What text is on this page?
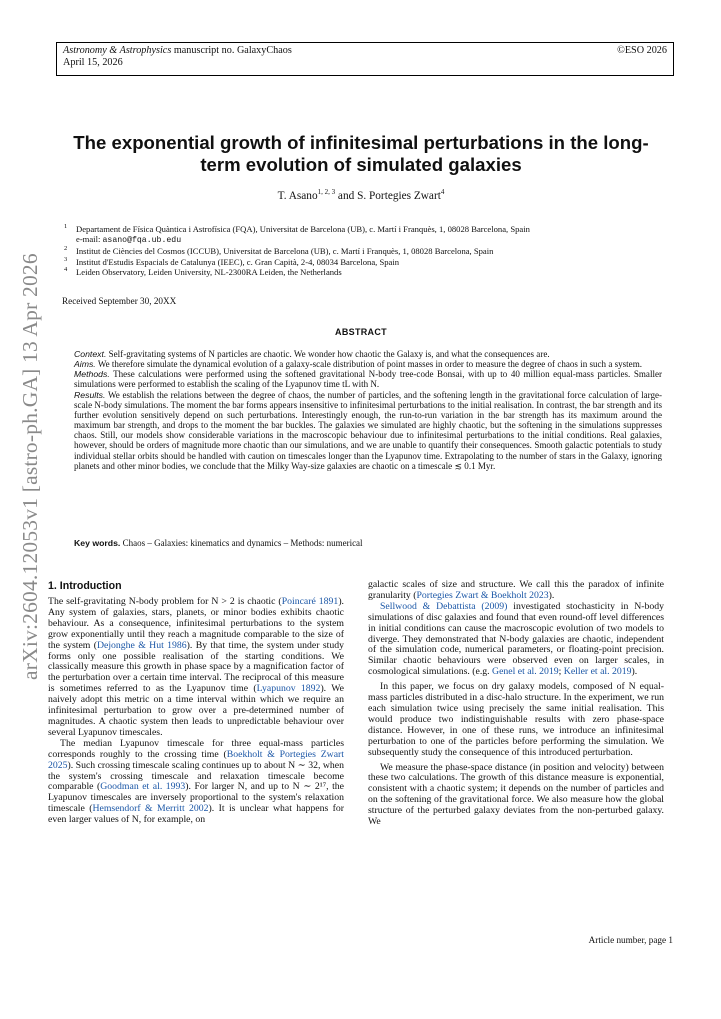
Astronomy & Astrophysics manuscript no. GalaxyChaos
April 15, 2026
©ESO 2026
arXiv:2604.12053v1 [astro-ph.GA] 13 Apr 2026
The exponential growth of infinitesimal perturbations in the long-term evolution of simulated galaxies
T. Asano$^{1, 2, 3}$ and S. Portegies Zwart$^4$
1 Departament de Física Quàntica i Astrofísica (FQA), Universitat de Barcelona (UB), c. Martí i Franquès, 1, 08028 Barcelona, Spain
e-mail: asano@fqa.ub.edu
2 Institut de Ciències del Cosmos (ICCUB), Universitat de Barcelona (UB), c. Martí i Franquès, 1, 08028 Barcelona, Spain
3 Institut d'Estudis Espacials de Catalunya (IEEC), c. Gran Capità, 2-4, 08034 Barcelona, Spain
4 Leiden Observatory, Leiden University, NL-2300RA Leiden, the Netherlands
Received September 30, 20XX
ABSTRACT

Context. Self-gravitating systems of N particles are chaotic. We wonder how chaotic the Galaxy is, and what the consequences are.

Aims. We therefore simulate the dynamical evolution of a galaxy-scale distribution of point masses in order to measure the degree of chaos in such a system.

Methods. These calculations were performed using the softened gravitational N-body tree-code Bonsai, with up to 40 million equal-mass particles. Smaller simulations were performed to establish the scaling of the Lyapunov time tL with N.

Results. We establish the relations between the degree of chaos, the number of particles, and the softening length in the gravitational force calculation of large-scale N-body simulations. The moment the bar forms appears insensitive to infinitesimal perturbations to the initial realisation. In contrast, the bar strength and its further evolution sensitively depend on such perturbations. Interestingly enough, the run-to-run variation in the bar strength has its maximum around the maximum bar strength, and drops to the moment the bar buckles. The galaxies we simulated are highly chaotic, but the softening in the simulations suppresses chaos. Still, our models show considerable variations in the macroscopic behaviour due to infinitesimal perturbations to the initial conditions. Real galaxies, however, should be orders of magnitude more chaotic than our simulations, and we are unable to quantify their consequences. Smooth galactic potentials to study individual stellar orbits should be handled with caution on timescales longer than the Lyapunov time. Extrapolating to the number of stars in the Galaxy, ignoring planets and other minor bodies, we conclude that the Milky Way-size galaxies are chaotic on a timescale ≲ 0.1 Myr.

Key words. Chaos – Galaxies: kinematics and dynamics – Methods: numerical
1. Introduction

The self-gravitating N-body problem for N > 2 is chaotic (Poincaré 1891). Any system of galaxies, stars, planets, or minor bodies exhibits chaotic behaviour. As a consequence, infinitesimal perturbations to the system grow exponentially until they reach a magnitude comparable to the size of the system (Dejonghe & Hut 1986). By that time, the system under study forms only one possible realisation of the starting conditions. We classically measure this growth in phase space by a magnification factor of the perturbation over a certain time interval. The reciprocal of this measure is sometimes referred to as the Lyapunov time (Lyapunov 1892). We naively adopt this metric on a time interval within which we require an infinitesimal perturbation to grow over a pre-determined number of magnitudes. A chaotic system then leads to unpredictable behaviour over several Lyapunov timescales.

The median Lyapunov timescale for three equal-mass particles corresponds roughly to the crossing time (Boekholt & Portegies Zwart 2025). Such crossing timescale scaling continues up to about N ∼ 32, when the system's crossing timescale and relaxation timescale become comparable (Goodman et al. 1993). For larger N, and up to N ∼ 2¹⁷, the Lyapunov timescales are inversely proportional to the system's relaxation timescale (Hemsendorf & Merritt 2002). It is unclear what happens for even larger values of N, for example, on

galactic scales of size and structure. We call this the paradox of infinite granularity (Portegies Zwart & Boekholt 2023).

Sellwood & Debattista (2009) investigated stochasticity in N-body simulations of disc galaxies and found that even round-off level differences in initial conditions can cause the macroscopic evolution of two models to diverge. They demonstrated that N-body galaxies are chaotic, independent of the simulation code, numerical parameters, or floating-point precision. Similar chaotic behaviours were observed even on larger scales, in cosmological simulations. (e.g. Genel et al. 2019; Keller et al. 2019).

In this paper, we focus on dry galaxy models, composed of N equal-mass particles distributed in a disc-halo structure. In the experiment, we run each simulation twice using precisely the same initial realisation. This would produce two indistinguishable results with zero phase-space distance. However, in one of these runs, we introduce an infinitesimal perturbation to one of the particles before performing the simulation. We subsequently study the consequence of this introduced perturbation.

We measure the phase-space distance (in position and velocity) between these two calculations. The growth of this distance measure is exponential, consistent with a chaotic system; it depends on the number of particles and on the softening of the gravitational force. We also measure how the global structure of the perturbed galaxy deviates from the non-perturbed galaxy. We

Article number, page 1
